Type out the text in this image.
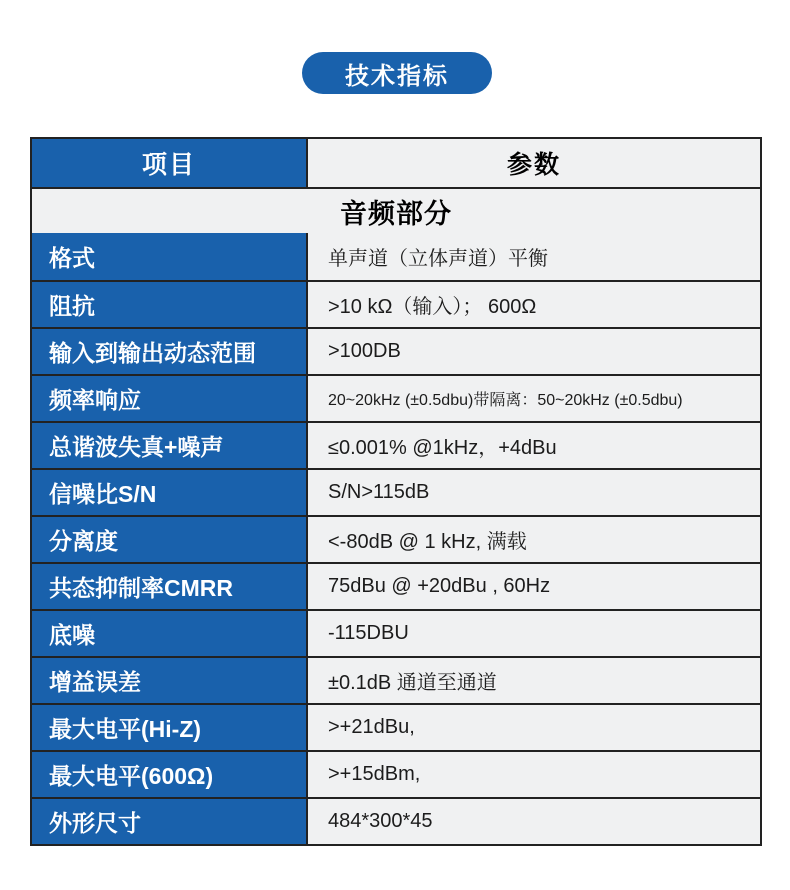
技术指标
项目	参数
音频部分
格式	单声道（立体声道）平衡
阻抗	>10 kΩ（输入）； 600Ω
输入到输出动态范围	>100DB
频率响应	20~20kHz (±0.5dbu)带隔离：50~20kHz (±0.5dbu)
总谐波失真+噪声	≤0.001% @1kHz，+4dBu
信噪比S/N	S/N>115dB
分离度	<-80dB @ 1 kHz, 满载
共态抑制率CMRR	75dBu @ +20dBu , 60Hz
底噪	-115DBU
增益误差	±0.1dB 通道至通道
最大电平(Hi-Z)	>+21dBu,
最大电平(600Ω)	>+15dBm,
外形尺寸	484*300*45
